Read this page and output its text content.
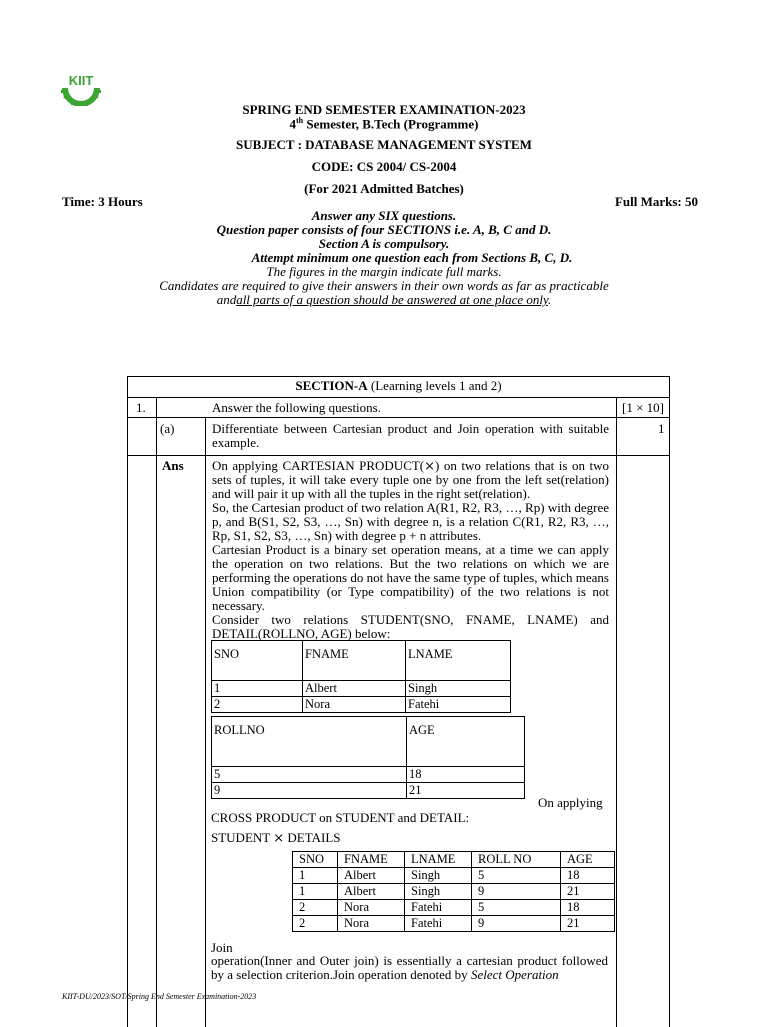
KIIT
SPRING END SEMESTER EXAMINATION-2023
4th Semester, B.Tech (Programme)
SUBJECT : DATABASE MANAGEMENT SYSTEM
CODE: CS 2004/ CS-2004
(For 2021 Admitted Batches)
Time: 3 Hours	Full Marks: 50
Answer any SIX questions.
Question paper consists of four SECTIONS i.e. A, B, C and D.
Section A is compulsory.
Attempt minimum one question each from Sections B, C, D.
The figures in the margin indicate full marks.
Candidates are required to give their answers in their own words as far as practicable
andall parts of a question should be answered at one place only.
SECTION-A (Learning levels 1 and 2)
1.	Answer the following questions.	[1 × 10]
(a)	Differentiate between Cartesian product and Join operation with suitable example.
1
Ans On applying CARTESIAN PRODUCT(⨯) on two relations that is on two sets of tuples, it will take every tuple one by one from the left set(relation) and will pair it up with all the tuples in the right set(relation).
So, the Cartesian product of two relation A(R1, R2, R3, …, Rp) with degree p, and B(S1, S2, S3, …, Sn) with degree n, is a relation C(R1, R2, R3, …, Rp, S1, S2, S3, …, Sn) with degree p + n attributes.
Cartesian Product is a binary set operation means, at a time we can apply the operation on two relations. But the two relations on which we are performing the operations do not have the same type of tuples, which means Union compatibility (or Type compatibility) of the two relations is not necessary.
Consider two relations STUDENT(SNO, FNAME, LNAME) and DETAIL(ROLLNO, AGE) below:
SNO	FNAME	LNAME
1	Albert	Singh
2	Nora	Fatehi
ROLLNO	AGE
5	18
9	21
On applying
CROSS PRODUCT on STUDENT and DETAIL:
STUDENT ⨯ DETAILS
SNO	FNAME	LNAME	ROLL NO	AGE
1	Albert	Singh	5	18
1	Albert	Singh	9	21
2	Nora	Fatehi	5	18
2	Nora	Fatehi	9	21
Join
operation(Inner and Outer join) is essentially a cartesian product followed by a selection criterion.Join operation denoted by Select Operation
KIIT-DU/2023/SOT/Spring End Semester Examination-2023
